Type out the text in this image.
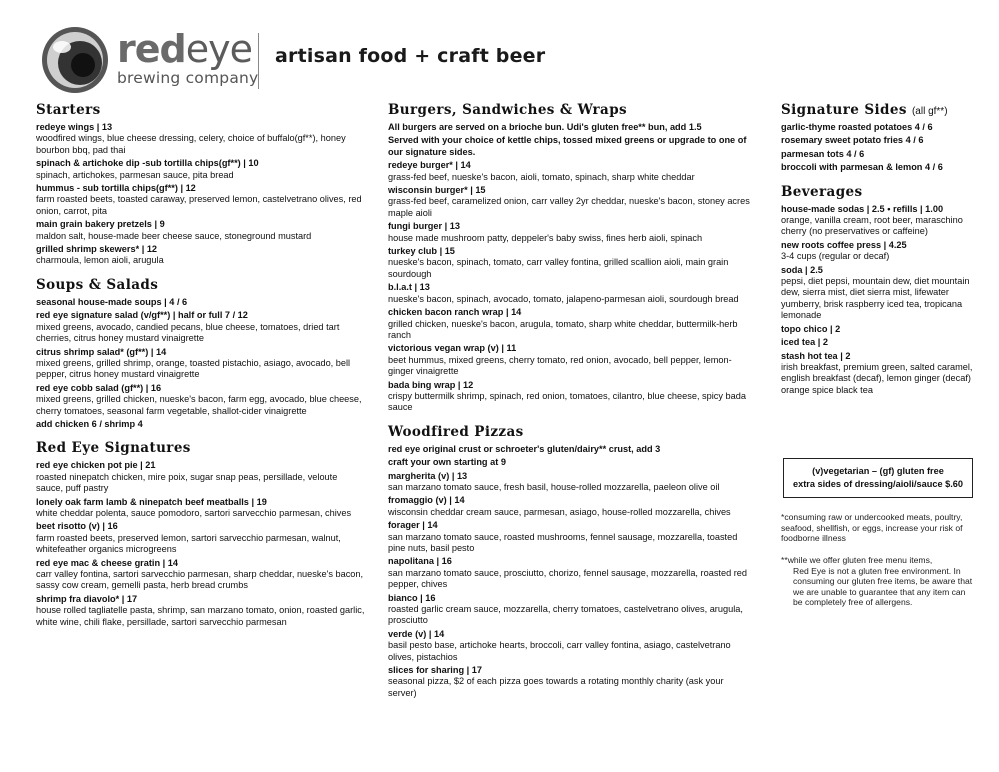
redeye
brewing company
artisan food + craft beer
Starters
redeye wings | 13
woodfired wings, blue cheese dressing, celery, choice of buffalo(gf**), honey bourbon bbq, pad thai
spinach & artichoke dip -sub tortilla chips(gf**) | 10
spinach, artichokes, parmesan sauce, pita bread
hummus - sub tortilla chips(gf**) | 12
farm roasted beets, toasted caraway, preserved lemon, castelvetrano olives, red onion, carrot, pita
main grain bakery pretzels | 9
maldon salt, house-made beer cheese sauce, stoneground mustard
grilled shrimp skewers* | 12
charmoula, lemon aioli, arugula
Soups & Salads
seasonal house-made soups | 4 / 6
red eye signature salad (v/gf**) | half or full 7 / 12
mixed greens, avocado, candied pecans, blue cheese, tomatoes, dried tart cherries, citrus honey mustard vinaigrette
citrus shrimp salad* (gf**) | 14
mixed greens, grilled shrimp, orange, toasted pistachio, asiago, avocado, bell pepper, citrus honey mustard vinaigrette
red eye cobb salad (gf**) | 16
mixed greens, grilled chicken, nueske's bacon, farm egg, avocado, blue cheese, cherry tomatoes, seasonal farm vegetable, shallot-cider vinaigrette
add chicken 6 / shrimp 4
Red Eye Signatures
red eye chicken pot pie | 21
roasted ninepatch chicken, mire poix, sugar snap peas, persillade, veloute sauce, puff pastry
lonely oak farm lamb & ninepatch beef meatballs | 19
white cheddar polenta, sauce pomodoro, sartori sarvecchio parmesan, chives
beet risotto (v) | 16
farm roasted beets, preserved lemon, sartori sarvecchio parmesan, walnut, whitefeather organics microgreens
red eye mac & cheese gratin | 14
carr valley fontina, sartori sarvecchio parmesan, sharp cheddar, nueske's bacon, sassy cow cream, gemelli pasta, herb bread crumbs
shrimp fra diavolo* | 17
house rolled tagliatelle pasta, shrimp, san marzano tomato, onion, roasted garlic, white wine, chili flake, persillade, sartori sarvecchio parmesan
Burgers, Sandwiches & Wraps
All burgers are served on a brioche bun. Udi's gluten free** bun, add 1.5
Served with your choice of kettle chips, tossed mixed greens or upgrade to one of our signature sides.
redeye burger* | 14
grass-fed beef, nueske's bacon, aioli, tomato, spinach, sharp white cheddar
wisconsin burger* | 15
grass-fed beef, caramelized onion, carr valley 2yr cheddar, nueske's bacon, stoney acres maple aioli
fungi burger | 13
house made mushroom patty, deppeler's baby swiss, fines herb aioli, spinach
turkey club | 15
nueske's bacon, spinach, tomato, carr valley fontina, grilled scallion aioli, main grain sourdough
b.l.a.t | 13
nueske's bacon, spinach, avocado, tomato, jalapeno-parmesan aioli, sourdough bread
chicken bacon ranch wrap | 14
grilled chicken, nueske's bacon, arugula, tomato, sharp white cheddar, buttermilk-herb ranch
victorious vegan wrap (v) | 11
beet hummus, mixed greens, cherry tomato, red onion, avocado, bell pepper, lemon-ginger vinaigrette
bada bing wrap | 12
crispy buttermilk shrimp, spinach, red onion, tomatoes, cilantro, blue cheese, spicy bada sauce
Woodfired Pizzas
red eye original crust or schroeter's gluten/dairy** crust, add 3
craft your own starting at 9
margherita (v) | 13
san marzano tomato sauce, fresh basil, house-rolled mozzarella, paeleon olive oil
fromaggio (v) | 14
wisconsin cheddar cream sauce, parmesan, asiago, house-rolled mozzarella, chives
forager | 14
san marzano tomato sauce, roasted mushrooms, fennel sausage, mozzarella, toasted pine nuts, basil pesto
napolitana | 16
san marzano tomato sauce, prosciutto, chorizo, fennel sausage, mozzarella, roasted red pepper, chives
bianco | 16
roasted garlic cream sauce, mozzarella, cherry tomatoes, castelvetrano olives, arugula, prosciutto
verde (v) | 14
basil pesto base, artichoke hearts, broccoli, carr valley fontina, asiago, castelvetrano olives, pistachios
slices for sharing | 17
seasonal pizza, $2 of each pizza goes towards a rotating monthly charity (ask your server)
Signature Sides (all gf**)
garlic-thyme roasted potatoes 4 / 6
rosemary sweet potato fries 4 / 6
parmesan tots 4 / 6
broccoli with parmesan & lemon 4 / 6
Beverages
house-made sodas | 2.5 • refills | 1.00
orange, vanilla cream, root beer, maraschino cherry (no preservatives or caffeine)
new roots coffee press | 4.25
3-4 cups (regular or decaf)
soda | 2.5
pepsi, diet pepsi, mountain dew, diet mountain dew, sierra mist, diet sierra mist, lifewater yumberry, brisk raspberry iced tea, tropicana lemonade
topo chico | 2
iced tea | 2
stash hot tea | 2
irish breakfast, premium green, salted caramel, english breakfast (decaf), lemon ginger (decaf) orange spice black tea
(v)vegetarian – (gf) gluten free
extra sides of dressing/aioli/sauce $.60
*consuming raw or undercooked meats, poultry, seafood, shellfish, or eggs, increase your risk of foodborne illness
**while we offer gluten free menu items,
Red Eye is not a gluten free environment. In consuming our gluten free items, be aware that we are unable to guarantee that any item can be completely free of allergens.
